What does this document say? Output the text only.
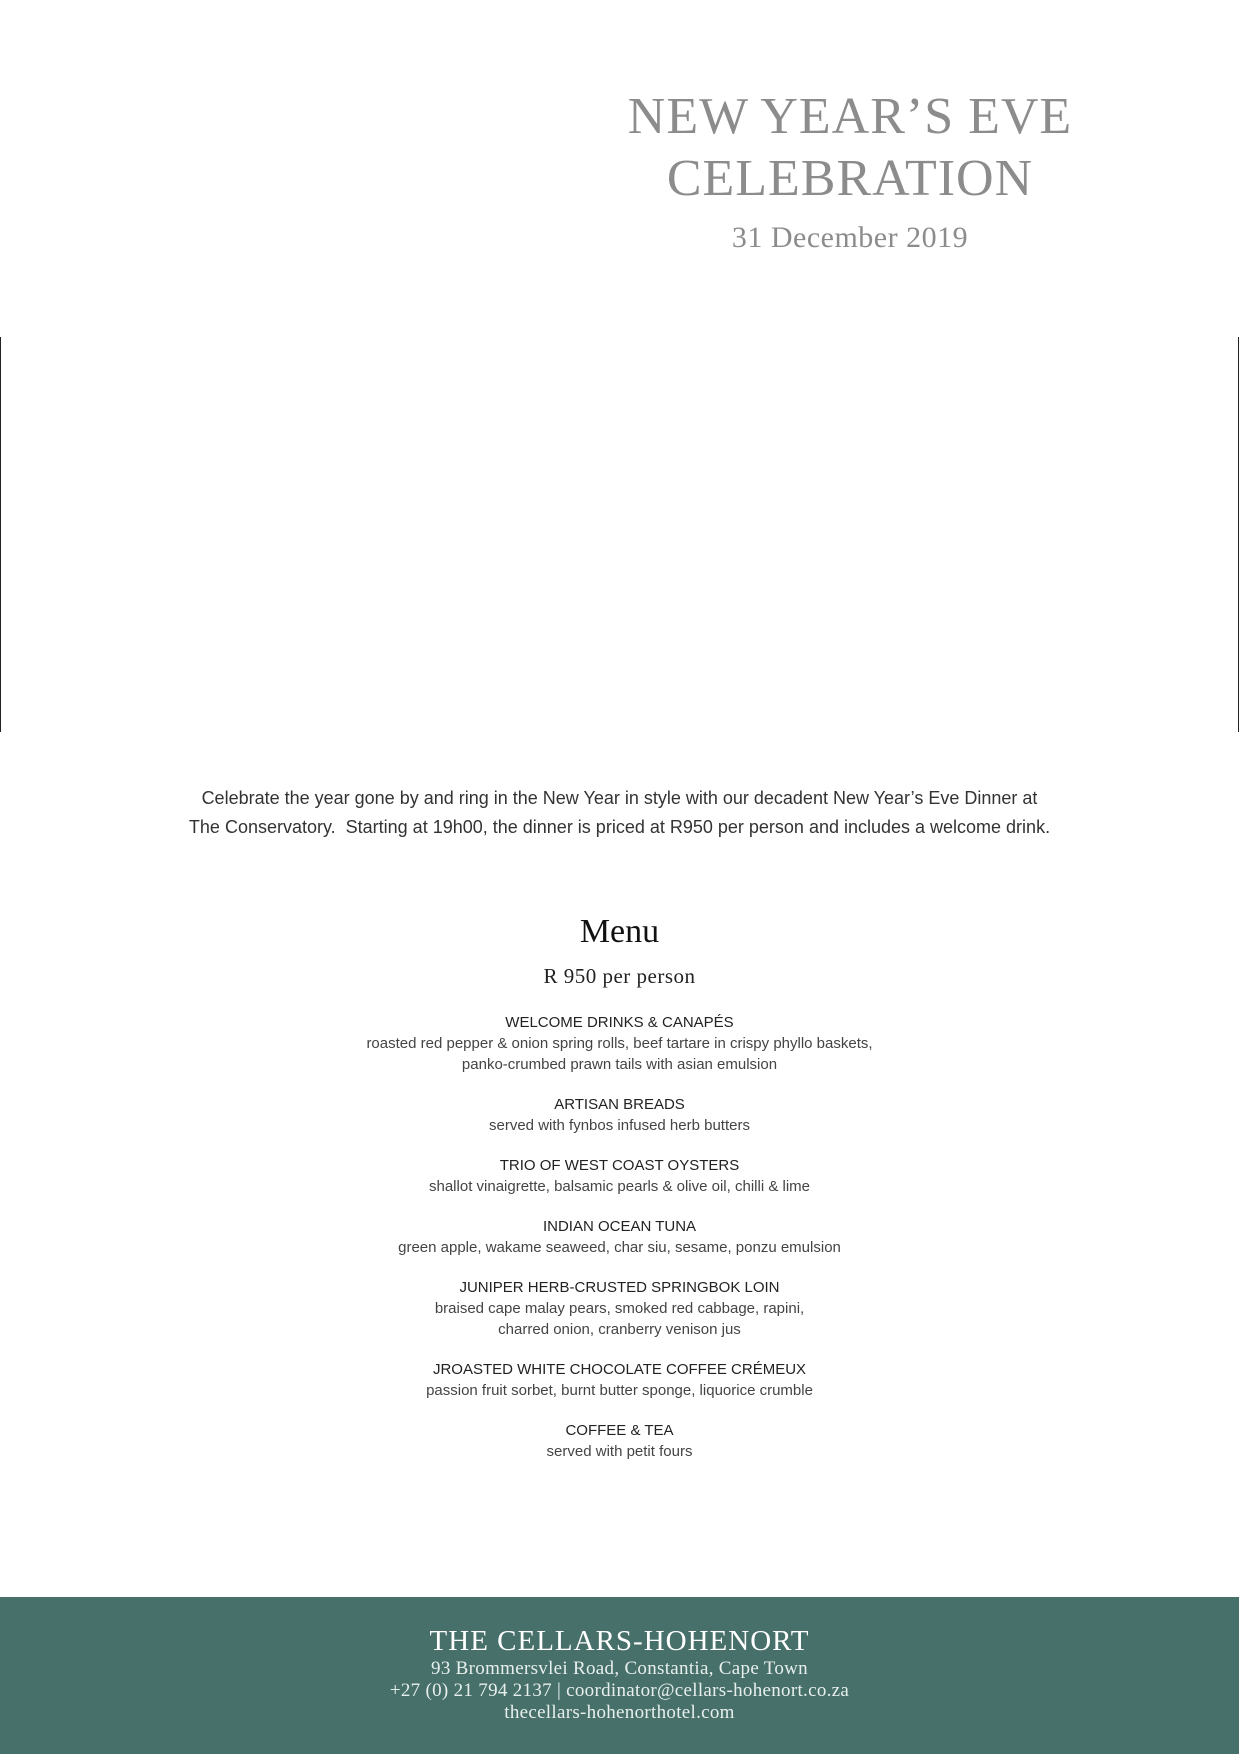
NEW YEAR’S EVE
CELEBRATION
31 December 2019
Celebrate the year gone by and ring in the New Year in style with our decadent New Year’s Eve Dinner at
The Conservatory.  Starting at 19h00, the dinner is priced at R950 per person and includes a welcome drink.
Menu
R 950 per person
WELCOME DRINKS & CANAPÉS
roasted red pepper & onion spring rolls, beef tartare in crispy phyllo baskets,
panko-crumbed prawn tails with asian emulsion
ARTISAN BREADS
served with fynbos infused herb butters
TRIO OF WEST COAST OYSTERS
shallot vinaigrette, balsamic pearls & olive oil, chilli & lime
INDIAN OCEAN TUNA
green apple, wakame seaweed, char siu, sesame, ponzu emulsion
JUNIPER HERB-CRUSTED SPRINGBOK LOIN
braised cape malay pears, smoked red cabbage, rapini,
charred onion, cranberry venison jus
JROASTED WHITE CHOCOLATE COFFEE CRÉMEUX
passion fruit sorbet, burnt butter sponge, liquorice crumble
COFFEE & TEA
served with petit fours
THE CELLARS-HOHENORT
93 Brommersvlei Road, Constantia, Cape Town
+27 (0) 21 794 2137 | coordinator@cellars-hohenort.co.za
thecellars-hohenorthotel.com
